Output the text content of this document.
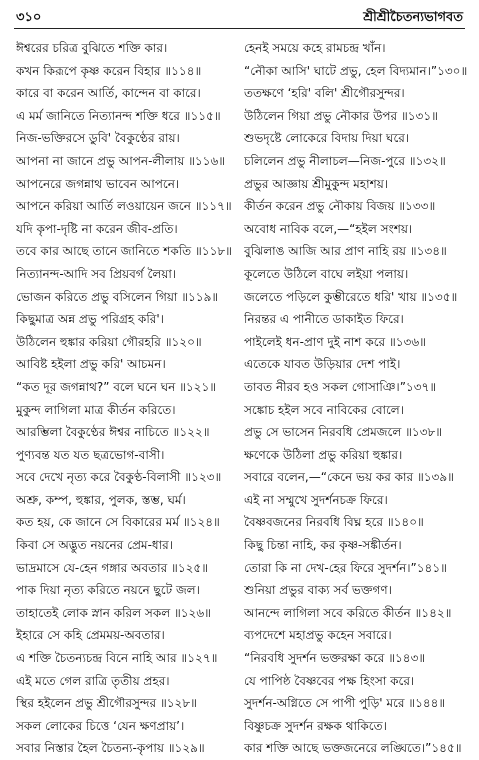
৩১০	শ্রীশ্রীচৈতন্যভাগবত
ঈশ্বরের চরিত্র বুঝিতে শক্তি কার।
কখন কিরূপে কৃষ্ণ করেন বিহার ॥১১৪॥
কারে বা করেন আর্তি, কান্দেন বা কারে।
এ মর্ম জানিতে নিত্যানন্দ শক্তি ধরে ॥১১৫॥
নিজ-ভক্তিরসে ডুবি' বৈকুণ্ঠের রায়।
আপনা না জানে প্রভু আপন-লীলায় ॥১১৬॥
আপনেরে জগন্নাথ ভাবেন আপনে।
আপনে করিয়া আর্তি লওয়ায়েন জনে ॥১১৭॥
যদি কৃপা-দৃষ্টি না করেন জীব-প্রতি।
তবে কার আছে তানে জানিতে শকতি ॥১১৮॥
নিত্যানন্দ-আদি সব প্রিয়বর্গ লৈয়া।
ভোজন করিতে প্রভু বসিলেন গিয়া ॥১১৯॥
কিছুমাত্র অন্ন প্রভু পরিগ্রহ করি'।
উঠিলেন হুঙ্কার করিয়া গৌরহরি ॥১২০॥
আবিষ্ট হইলা প্রভু করি' আচমন।
“কত দূর জগন্নাথ?” বলে ঘনে ঘন ॥১২১॥
মুকুন্দ লাগিলা মাত্র কীর্তন করিতে।
আরম্ভিলা বৈকুণ্ঠের ঈশ্বর নাচিতে ॥১২২॥
পুণ্যবন্ত যত যত ছত্রভোগ-বাসী।
সবে দেখে নৃত্য করে বৈকুণ্ঠ-বিলাসী ॥১২৩॥
অশ্রু, কম্প, হুঙ্কার, পুলক, স্তম্ভ, ঘর্ম।
কত হয়, কে জানে সে বিকারের মর্ম ॥১২৪॥
কিবা সে অদ্ভুত নয়নের প্রেম-ধার।
ভাদ্রমাসে যে-হেন গঙ্গার অবতার ॥১২৫॥
পাক দিয়া নৃত্য করিতে নয়নে ছুটে জল।
তাহাতেই লোক স্নান করিল সকল ॥১২৬॥
ইহারে সে কহি প্রেমময়-অবতার।
এ শক্তি চৈতন্যচন্দ্র বিনে নাহি আর ॥১২৭॥
এই মতে গেল রাত্রি তৃতীয় প্রহর।
স্থির হইলেন প্রভু শ্রীগৌরসুন্দর ॥১২৮॥
সকল লোকের চিত্তে ‘যেন ক্ষণপ্রায়’।
সবার নিস্তার হৈল চৈতন্য-কৃপায় ॥১২৯॥
হেনই সময়ে কহে রামচন্দ্র খাঁন।
“নৌকা আসি' ঘাটে প্রভু, হেল বিদ্যমান।”১৩০॥
ততক্ষণে ‘হরি' বলি' শ্রীগৌরসুন্দর।
উঠিলেন গিয়া প্রভু নৌকার উপর ॥১৩১॥
শুভদৃষ্টে লোকেরে বিদায় দিয়া ঘরে।
চলিলেন প্রভু নীলাচল—নিজ-পুরে ॥১৩২॥
প্রভুর আজ্ঞায় শ্রীমুকুন্দ মহাশয়।
কীর্তন করেন প্রভু নৌকায় বিজয় ॥১৩৩॥
অবোধ নাবিক বলে,—“হইল সংশয়।
বুঝিলাঙ আজি আর প্রাণ নাহি রয় ॥১৩৪॥
কূলেতে উঠিলে বাঘে লইয়া পলায়।
জলেতে পড়িলে কুম্ভীরেতে ধরি' খায় ॥১৩৫॥
নিরন্তর এ পানীতে ডাকাইত ফিরে।
পাইলেই ধন-প্রাণ দুই নাশ করে ॥১৩৬॥
এতেকে যাবত উড়িয়ার দেশ পাই।
তাবত নীরব হও সকল গোসাঞি।”১৩৭॥
সঙ্কোচ হইল সবে নাবিকের বোলে।
প্রভু সে ভাসেন নিরবধি প্রেমজলে ॥১৩৮॥
ক্ষণেকে উঠিলা প্রভু করিয়া হুঙ্কার।
সবারে বলেন,—“কেনে ভয় কর কার ॥১৩৯॥
এই না সম্মুখে সুদর্শনচক্র ফিরে।
বৈষ্ণবজনের নিরবধি বিঘ্ন হরে ॥১৪০॥
কিছু চিন্তা নাহি, কর কৃষ্ণ-সঙ্কীর্তন।
তোরা কি না দেখ-হের ফিরে সুদর্শন।”১৪১॥
শুনিয়া প্রভুর বাক্য সর্ব ভক্তগণ।
আনন্দে লাগিলা সবে করিতে কীর্তন ॥১৪২॥
ব্যপদেশে মহাপ্রভু কহেন সবারে।
“নিরবধি সুদর্শন ভক্তরক্ষা করে ॥১৪৩॥
যে পাপিষ্ঠ বৈষ্ণবের পক্ষ হিংসা করে।
সুদর্শন-অগ্নিতে সে পাপী পুড়ি' মরে ॥১৪৪॥
বিষ্ণুচক্র সুদর্শন রক্ষক থাকিতে।
কার শক্তি আছে ভক্তজনেরে লঙ্ঘিতে।”১৪৫॥
